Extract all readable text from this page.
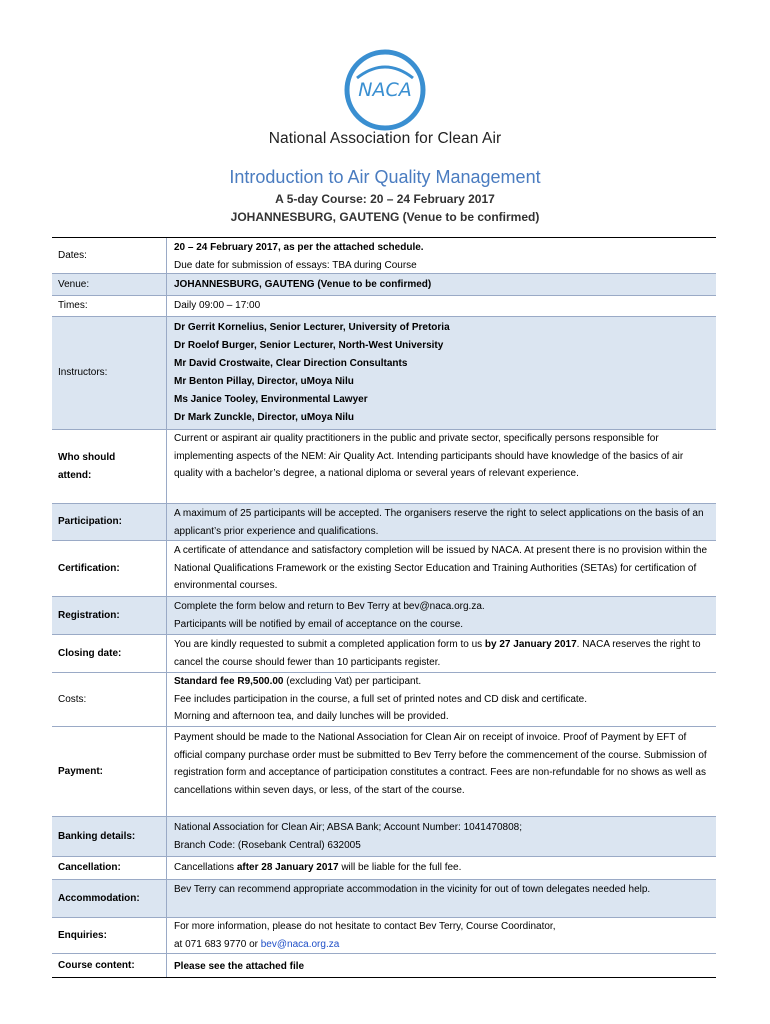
NACA
National Association for Clean Air
Introduction to Air Quality Management
A 5-day Course: 20 – 24 February 2017
JOHANNESBURG, GAUTENG (Venue to be confirmed)
Dates:

20 – 24 February 2017, as per the attached schedule.

Due date for submission of essays: TBA during Course

Venue:	JOHANNESBURG, GAUTENG (Venue to be confirmed)

Times:	Daily 09:00 – 17:00

Instructors:

Dr Gerrit Kornelius, Senior Lecturer, University of Pretoria

Dr Roelof Burger, Senior Lecturer, North-West University

Mr David Crostwaite, Clear Direction Consultants

Mr Benton Pillay, Director, uMoya Nilu

Ms Janice Tooley, Environmental Lawyer

Dr Mark Zunckle, Director, uMoya Nilu

Who should attend:

Current or aspirant air quality practitioners in the public and private sector, specifically persons responsible for implementing aspects of the NEM: Air Quality Act. Intending participants should have knowledge of the basics of air quality with a bachelor’s degree, a national diploma or several years of relevant experience.

Participation:

A maximum of 25 participants will be accepted. The organisers reserve the right to select applications on the basis of an applicant’s prior experience and qualifications.

Certification:

A certificate of attendance and satisfactory completion will be issued by NACA. At present there is no provision within the National Qualifications Framework or the existing Sector Education and Training Authorities (SETAs) for certification of environmental courses.

Registration:

Complete the form below and return to Bev Terry at bev@naca.org.za.

Participants will be notified by email of acceptance on the course.

Closing date:

You are kindly requested to submit a completed application form to us by 27 January 2017. NACA reserves the right to cancel the course should fewer than 10 participants register.

Costs:

Standard fee R9,500.00 (excluding Vat) per participant.

Fee includes participation in the course, a full set of printed notes and CD disk and certificate.

Morning and afternoon tea, and daily lunches will be provided.

Payment:

Payment should be made to the National Association for Clean Air on receipt of invoice. Proof of Payment by EFT of official company purchase order must be submitted to Bev Terry before the commencement of the course. Submission of registration form and acceptance of participation constitutes a contract. Fees are non-refundable for no shows as well as cancellations within seven days, or less, of the start of the course.

Banking details:

National Association for Clean Air; ABSA Bank; Account Number: 1041470808;

Branch Code: (Rosebank Central) 632005

Cancellation:	Cancellations after 28 January 2017 will be liable for the full fee.

Accommodation:

Bev Terry can recommend appropriate accommodation in the vicinity for out of town delegates needed help.

Enquiries:

For more information, please do not hesitate to contact Bev Terry, Course Coordinator,

at 071 683 9770 or bev@naca.org.za

Course content:	Please see the attached file
